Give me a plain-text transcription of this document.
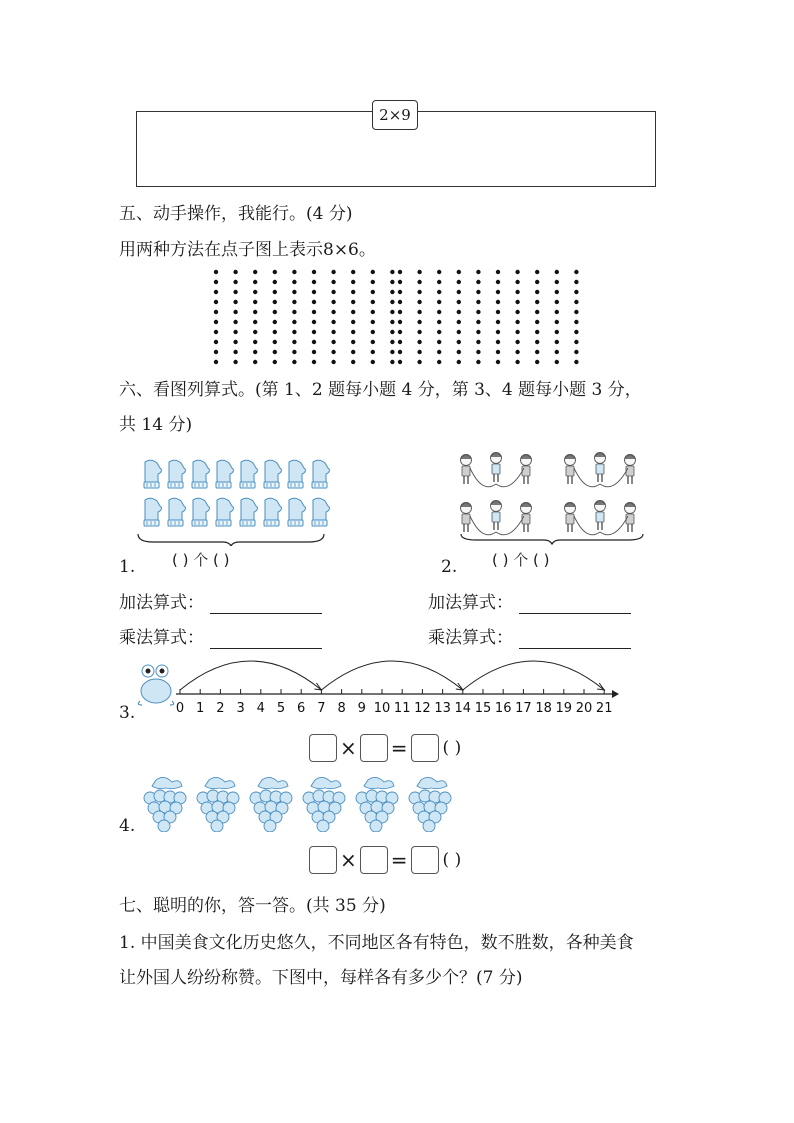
2×9
五、动手操作，我能行。(4 分)
用两种方法在点子图上表示8×6。
六、看图列算式。(第 1、2 题每小题 4 分，第 3、4 题每小题 3 分，
共 14 分)
1. ( ) 个 ( )	2. ( ) 个 ( )
加法算式：
乘法算式：
加法算式：
乘法算式：
3.	0 1 2 3 4 5 6 7 8 9 10 11 12 13 14 15 16 17 18 19 20 21
× = ( )
4.
× = ( )
七、聪明的你，答一答。(共 35 分)
1. 中国美食文化历史悠久，不同地区各有特色，数不胜数，各种美食
让外国人纷纷称赞。下图中，每样各有多少个？(7 分)
